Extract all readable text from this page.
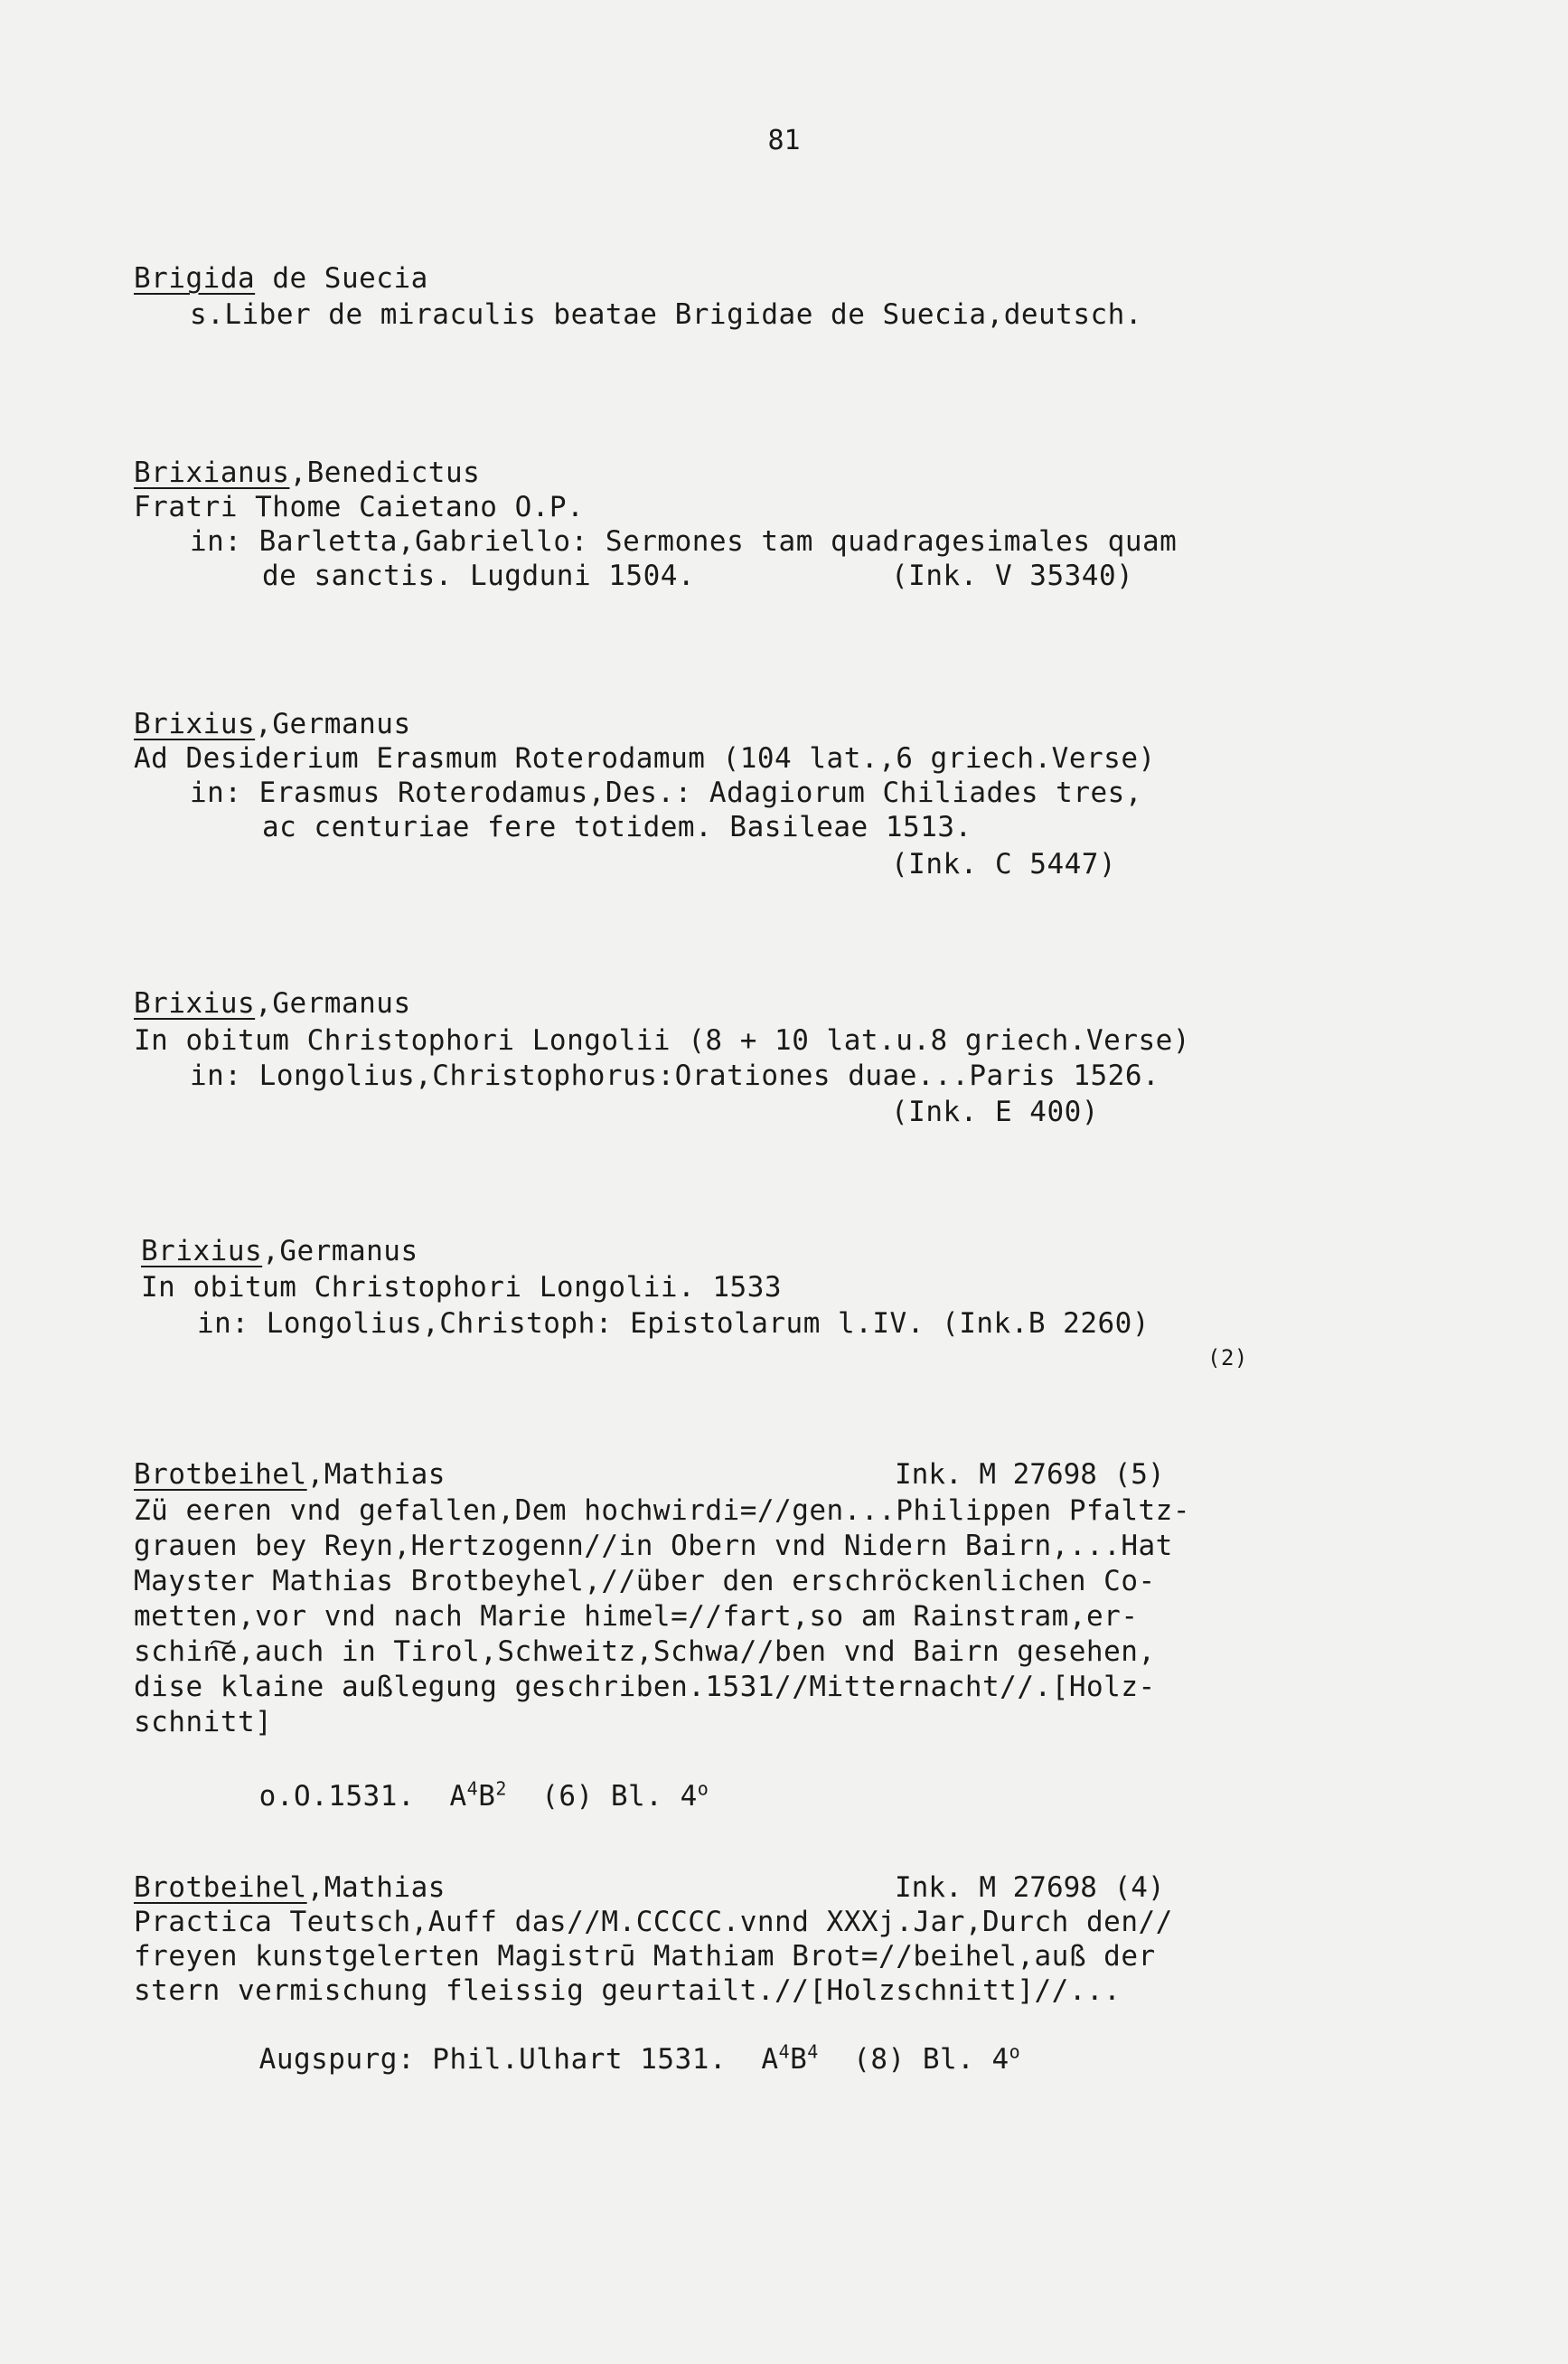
81
Brigida de Suecia
s.Liber de miraculis beatae Brigidae de Suecia,deutsch.
Brixianus,Benedictus
Fratri Thome Caietano O.P.
in: Barletta,Gabriello: Sermones tam quadragesimales quam
de sanctis. Lugduni 1504.	(Ink. V 35340)
Brixius,Germanus
Ad Desiderium Erasmum Roterodamum (104 lat.,6 griech.Verse)
in: Erasmus Roterodamus,Des.: Adagiorum Chiliades tres,
ac centuriae fere totidem. Basileae 1513.
(Ink. C 5447)
Brixius,Germanus
In obitum Christophori Longolii (8 + 10 lat.u.8 griech.Verse)
in: Longolius,Christophorus:Orationes duae...Paris 1526.
(Ink. E 400)
Brixius,Germanus
In obitum Christophori Longolii. 1533
in: Longolius,Christoph: Epistolarum l.IV. (Ink.B 2260)
(2)
Brotbeihel,Mathias	Ink. M 27698 (5)
Zü eeren vnd gefallen,Dem hochwirdi=//gen...Philippen Pfaltz-
grauen bey Reyn,Hertzogenn//in Obern vnd Nidern Bairn,...Hat
Mayster Mathias Brotbeyhel,//über den erschröckenlichen Co-
metten,vor vnd nach Marie himel=//fart,so am Rainstram,er-
schin͠e,auch in Tirol,Schweitz,Schwa//ben vnd Bairn gesehen,
dise klaine außlegung geschriben.1531//Mitternacht//.[Holz-
schnitt]

o.O.1531. $A^4B^2$ (6) Bl. 4$^o$

Brotbeihel,Mathias	Ink. M 27698 (4)
Practica Teutsch,Auff das//M.CCCCC.vnnd XXXj.Jar,Durch den//
freyen kunstgelerten Magistrū Mathiam Brot=//beihel,auß der
stern vermischung fleissig geurtailt.//[Holzschnitt]//...

Augspurg: Phil.Ulhart 1531. $A^4B^4$ (8) Bl. 4$^o$
